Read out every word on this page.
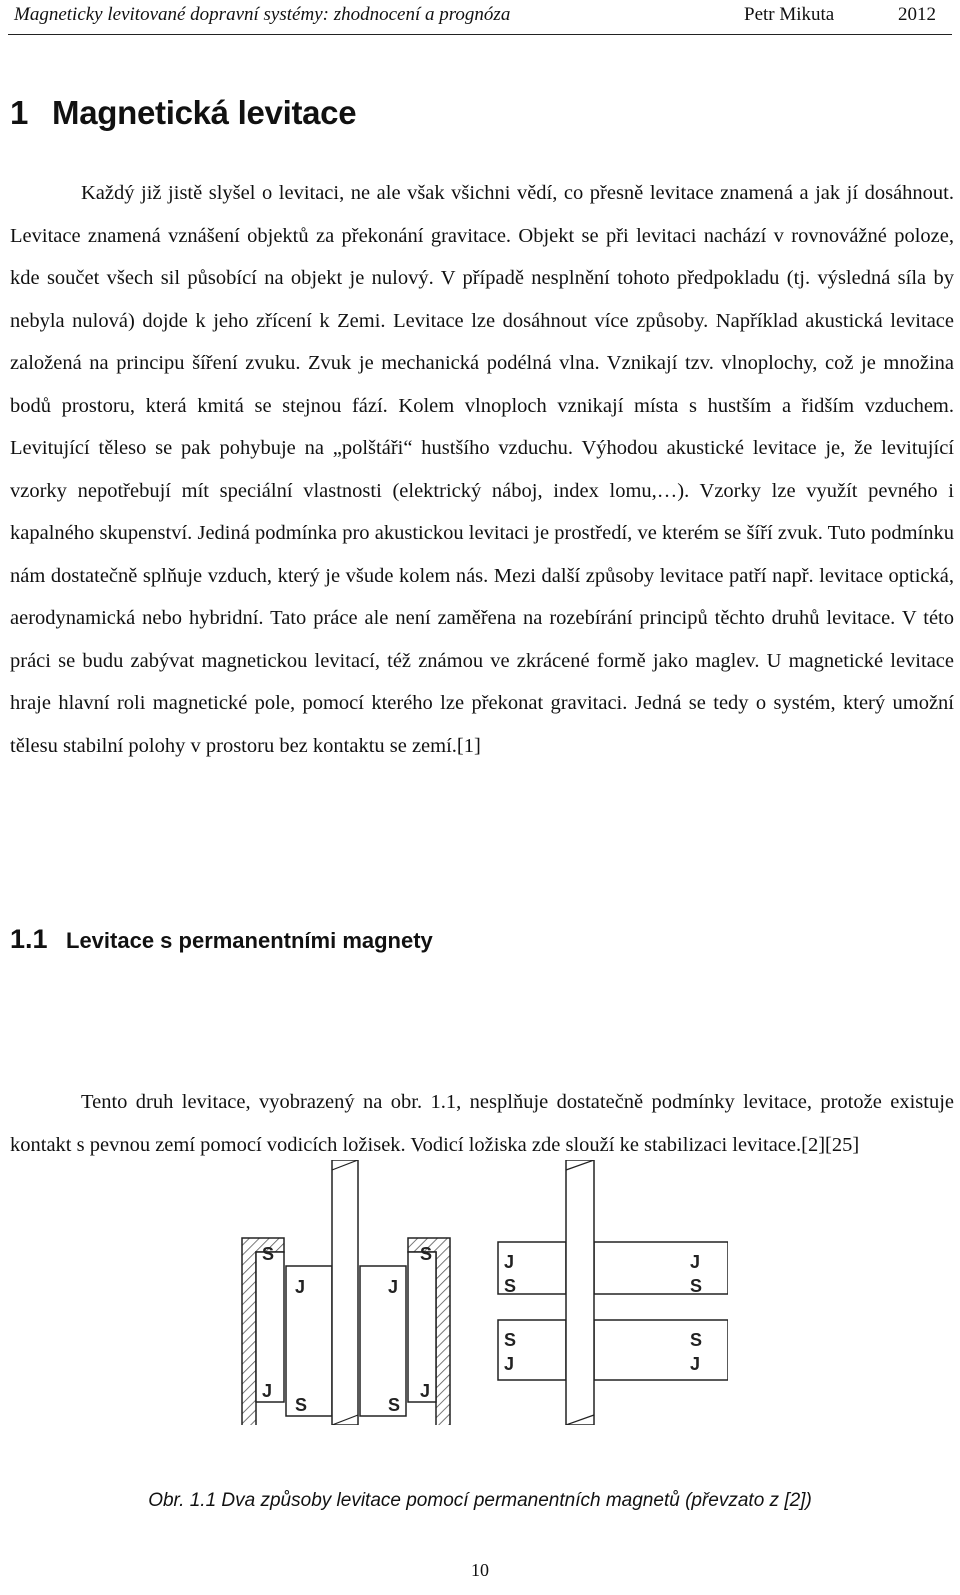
Magneticky levitované dopravní systémy: zhodnocení a prognóza	Petr Mikuta	2012
1 Magnetická levitace

Každý již jistě slyšel o levitaci, ne ale však všichni vědí, co přesně levitace znamená a jak jí dosáhnout. Levitace znamená vznášení objektů za překonání gravitace. Objekt se při levitaci nachází v rovnovážné poloze, kde součet všech sil působící na objekt je nulový. V případě nesplnění tohoto předpokladu (tj. výsledná síla by nebyla nulová) dojde k jeho zřícení k Zemi. Levitace lze dosáhnout více způsoby. Například akustická levitace založená na principu šíření zvuku. Zvuk je mechanická podélná vlna. Vznikají tzv. vlnoplochy, což je množina bodů prostoru, která kmitá se stejnou fází. Kolem vlnoploch vznikají místa s hustším a řidším vzduchem. Levitující těleso se pak pohybuje na „polštáři“ hustšího vzduchu. Výhodou akustické levitace je, že levitující vzorky nepotřebují mít speciální vlastnosti (elektrický náboj, index lomu,…). Vzorky lze využít pevného i kapalného skupenství. Jediná podmínka pro akustickou levitaci je prostředí, ve kterém se šíří zvuk. Tuto podmínku nám dostatečně splňuje vzduch, který je všude kolem nás. Mezi další způsoby levitace patří např. levitace optická, aerodynamická nebo hybridní. Tato práce ale není zaměřena na rozebírání principů těchto druhů levitace. V této práci se budu zabývat magnetickou levitací, též známou ve zkrácené formě jako maglev. U magnetické levitace hraje hlavní roli magnetické pole, pomocí kterého lze překonat gravitaci. Jedná se tedy o systém, který umožní tělesu stabilní polohy v prostoru bez kontaktu se zemí.[1]

1.1 Levitace s permanentními magnety

Tento druh levitace, vyobrazený na obr. 1.1, nesplňuje dostatečně podmínky levitace, protože existuje kontakt s pevnou zemí pomocí vodicích ložisek. Vodicí ložiska zde slouží ke stabilizaci levitace.[2][25]

S	S
J	J
J	J
S	S
J
S
J
S
S
J
S
J
Obr. 1.1 Dva způsoby levitace pomocí permanentních magnetů (převzato z [2])
10
